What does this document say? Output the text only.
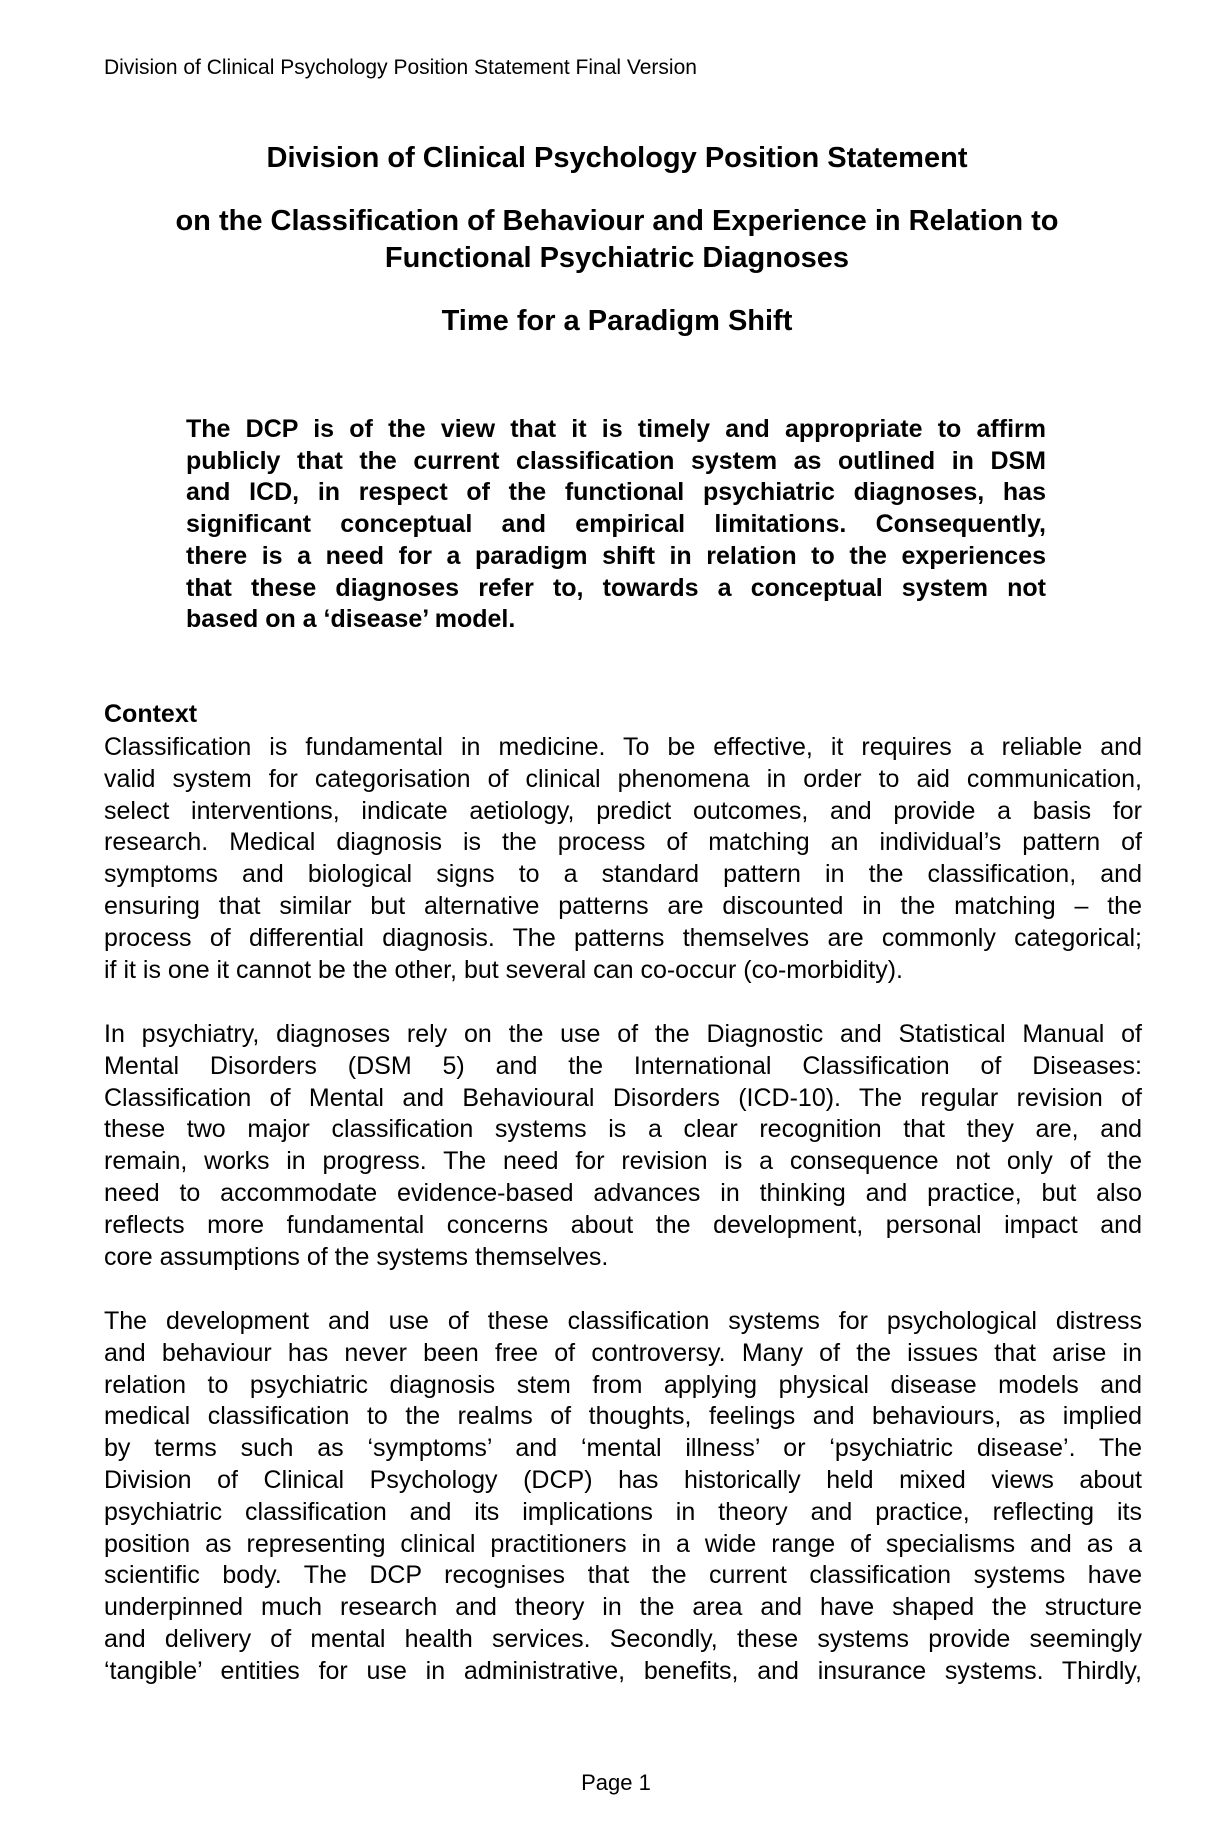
Division of Clinical Psychology Position Statement Final Version
Division of Clinical Psychology Position Statement
on the Classification of Behaviour and Experience in Relation to
Functional Psychiatric Diagnoses
Time for a Paradigm Shift
The DCP is of the view that it is timely and appropriate to affirm
publicly that the current classification system as outlined in DSM
and ICD, in respect of the functional psychiatric diagnoses, has
significant conceptual and empirical limitations. Consequently,
there is a need for a paradigm shift in relation to the experiences
that these diagnoses refer to, towards a conceptual system not
based on a ‘disease’ model.
Context
Classification is fundamental in medicine. To be effective, it requires a reliable and
valid system for categorisation of clinical phenomena in order to aid communication,
select interventions, indicate aetiology, predict outcomes, and provide a basis for
research. Medical diagnosis is the process of matching an individual’s pattern of
symptoms and biological signs to a standard pattern in the classification, and
ensuring that similar but alternative patterns are discounted in the matching – the
process of differential diagnosis. The patterns themselves are commonly categorical;
if it is one it cannot be the other, but several can co-occur (co-morbidity).
In psychiatry, diagnoses rely on the use of the Diagnostic and Statistical Manual of
Mental Disorders (DSM 5) and the International Classification of Diseases:
Classification of Mental and Behavioural Disorders (ICD-10). The regular revision of
these two major classification systems is a clear recognition that they are, and
remain, works in progress. The need for revision is a consequence not only of the
need to accommodate evidence-based advances in thinking and practice, but also
reflects more fundamental concerns about the development, personal impact and
core assumptions of the systems themselves.
The development and use of these classification systems for psychological distress
and behaviour has never been free of controversy. Many of the issues that arise in
relation to psychiatric diagnosis stem from applying physical disease models and
medical classification to the realms of thoughts, feelings and behaviours, as implied
by terms such as ‘symptoms’ and ‘mental illness’ or ‘psychiatric disease’. The
Division of Clinical Psychology (DCP) has historically held mixed views about
psychiatric classification and its implications in theory and practice, reflecting its
position as representing clinical practitioners in a wide range of specialisms and as a
scientific body. The DCP recognises that the current classification systems have
underpinned much research and theory in the area and have shaped the structure
and delivery of mental health services. Secondly, these systems provide seemingly
‘tangible’ entities for use in administrative, benefits, and insurance systems. Thirdly,
Page 1
